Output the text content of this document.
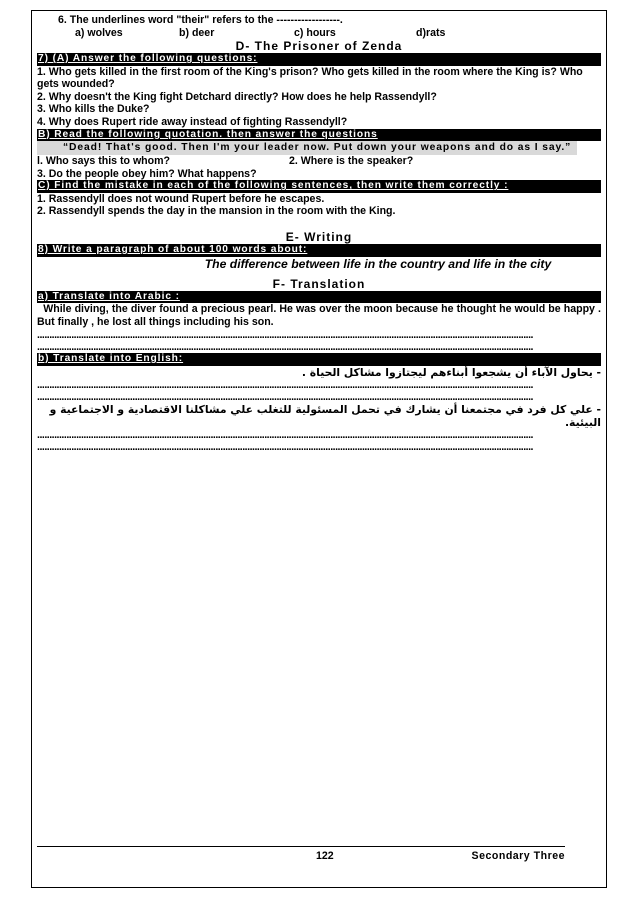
6. The underlines word "their" refers to the ------------------.
a) wolves	b) deer	c) hours	d)rats
D- The Prisoner of Zenda
7) (A) Answer the following questions:
1. Who gets killed in the first room of the King's prison? Who gets killed in the room where the King is? Who gets wounded?
2. Why doesn't the King fight Detchard directly? How does he help Rassendyll?
3. Who kills the Duke?
4. Why does Rupert ride away instead of fighting Rassendyll?
B) Read the following quotation. then answer the questions
“Dead! That's good. Then I'm your leader now. Put down your weapons and do as I say.”
l. Who says this to whom?	2. Where is the speaker?
3. Do the people obey him? What happens?
C) Find the mistake in each of the following sentences, then write them correctly :
1. Rassendyll does not wound Rupert before he escapes.
2. Rassendyll spends the day in the mansion in the room with the King.
E- Writing
8) Write a paragraph of about 100 words about:
The difference between life in the country and life in the city
F- Translation
a) Translate into Arabic :
While diving, the diver found a precious pearl. He was over the moon because he thought he would be happy . But finally , he lost all things including his son.
...........................................................................................................................................................................................................
...........................................................................................................................................................................................................
b) Translate into English:
- يحاول الآباء أن يشجعوا أبناءهم ليجتازوا مشاكل الحياة .
...........................................................................................................................................................................................................
...........................................................................................................................................................................................................
- علي كل فرد في مجتمعنا أن يشارك في تحمل المسئولية للتغلب علي مشاكلنا الاقتصادية و الاجتماعية و البيئية.
...........................................................................................................................................................................................................
...........................................................................................................................................................................................................
122	Secondary Three
